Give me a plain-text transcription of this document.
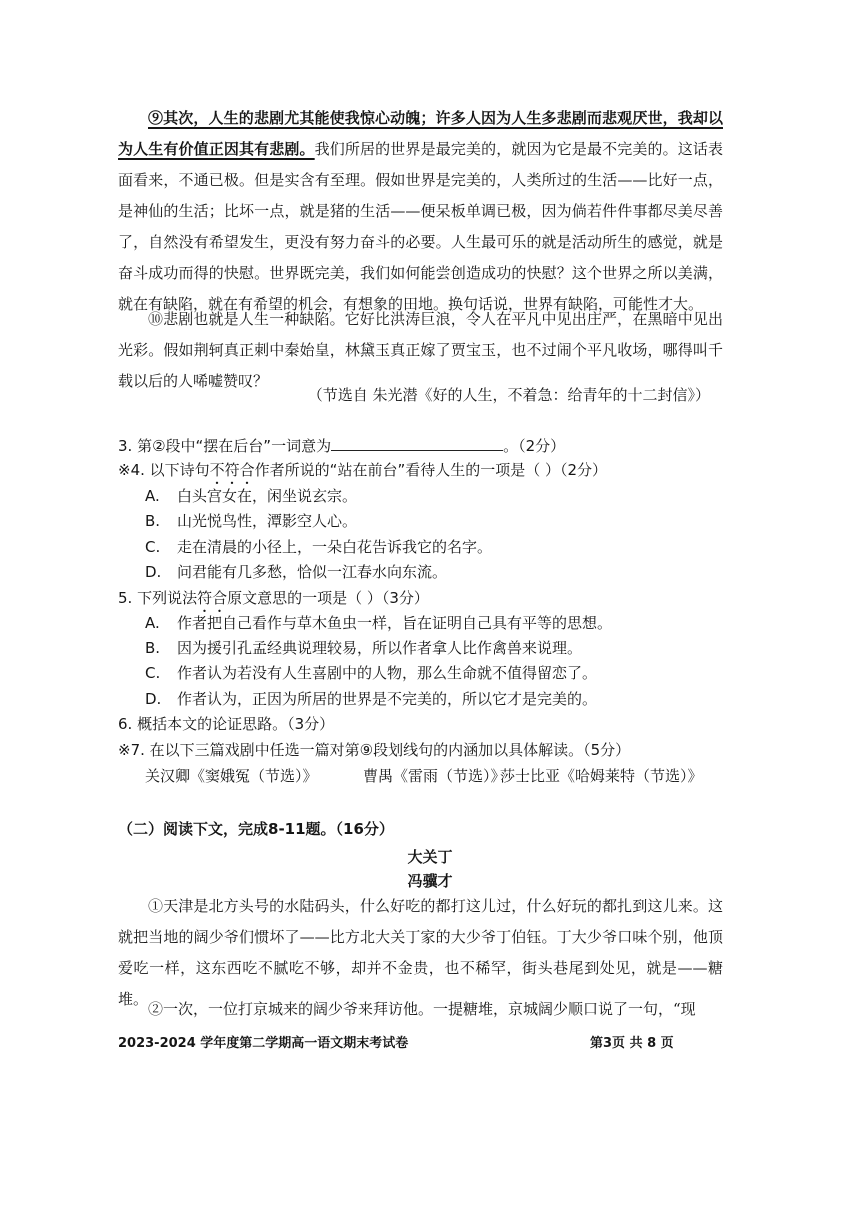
⑨其次，人生的悲剧尤其能使我惊心动魄；许多人因为人生多悲剧而悲观厌世，我却以为人生有价值正因其有悲剧。我们所居的世界是最完美的，就因为它是最不完美的。这话表面看来，不通已极。但是实含有至理。假如世界是完美的，人类所过的生活——比好一点，是神仙的生活；比坏一点，就是猪的生活——便呆板单调已极，因为倘若件件事都尽美尽善了，自然没有希望发生，更没有努力奋斗的必要。人生最可乐的就是活动所生的感觉，就是奋斗成功而得的快慰。世界既完美，我们如何能尝创造成功的快慰？这个世界之所以美满，就在有缺陷，就在有希望的机会，有想象的田地。换句话说，世界有缺陷，可能性才大。

⑩悲剧也就是人生一种缺陷。它好比洪涛巨浪，令人在平凡中见出庄严，在黑暗中见出光彩。假如荆轲真正刺中秦始皇，林黛玉真正嫁了贾宝玉，也不过闹个平凡收场，哪得叫千载以后的人唏嘘赞叹？

（节选自 朱光潜《好的人生，不着急：给青年的十二封信》）
3. 第②段中“摆在后台”一词意为	。（2分）
※4. 以下诗句不符合作者所说的“站在前台”看待人生的一项是（ ）（2分）
A. 白头宫女在，闲坐说玄宗。
B. 山光悦鸟性，潭影空人心。
C. 走在清晨的小径上，一朵白花告诉我它的名字。
D. 问君能有几多愁，恰似一江春水向东流。
5. 下列说法符合原文意思的一项是（ ）（3分）
A. 作者把自己看作与草木鱼虫一样，旨在证明自己具有平等的思想。
B. 因为援引孔孟经典说理较易，所以作者拿人比作禽兽来说理。
C. 作者认为若没有人生喜剧中的人物，那么生命就不值得留恋了。
D. 作者认为，正因为所居的世界是不完美的，所以它才是完美的。
6. 概括本文的论证思路。（3分）
※7. 在以下三篇戏剧中任选一篇对第⑨段划线句的内涵加以具体解读。（5分）
关汉卿《窦娥冤（节选）》	曹禺《雷雨（节选）》
莎士比亚《哈姆莱特（节选）》
（二）阅读下文，完成8-11题。（16分）
大关丁
冯骥才

①天津是北方头号的水陆码头，什么好吃的都打这儿过，什么好玩的都扎到这儿来。这就把当地的阔少爷们惯坏了——比方北大关丁家的大少爷丁伯钰。丁大少爷口味个别，他顶爱吃一样，这东西吃不腻吃不够，却并不金贵，也不稀罕，街头巷尾到处见，就是——糖堆。

②一次，一位打京城来的阔少爷来拜访他。一提糖堆，京城阔少顺口说了一句，“现

2023-2024 学年度第二学期高一语文期末考试卷	第3页 共 8 页
